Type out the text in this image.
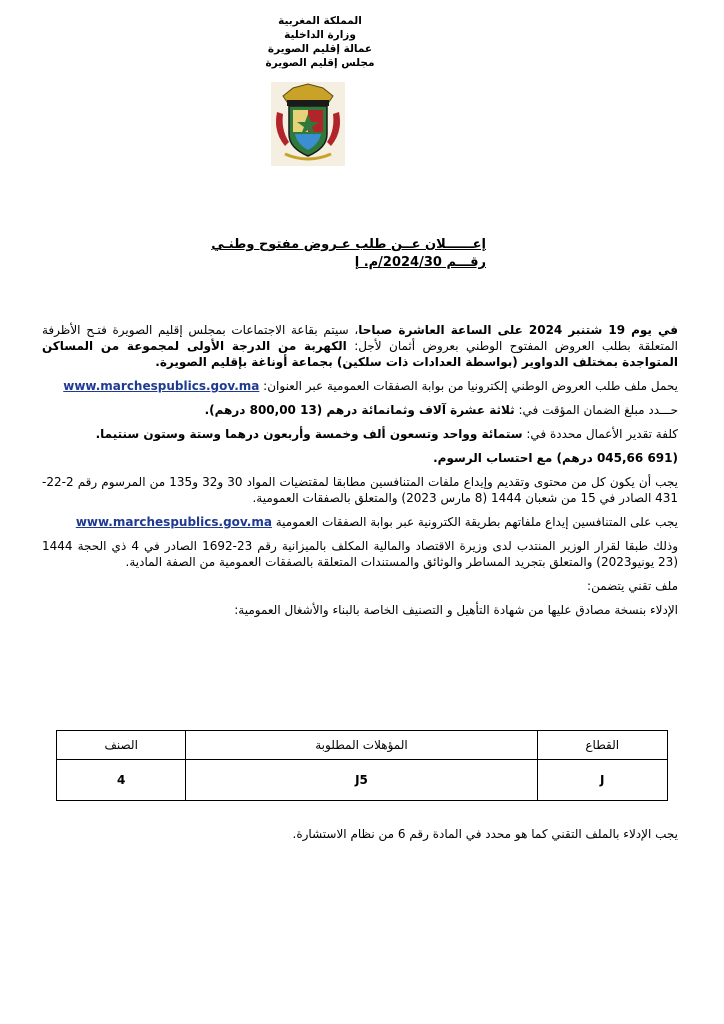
المملكة المغربية
وزارة الداخلية
عمالة إقليم الصويرة
مجلس إقليم الصويرة
إعــــــلان عــن طلب عـروض مفتوح وطنـي
رقـــم 2024/30/م. إ

في يوم 19 شتنبر 2024 على الساعة العاشرة صباحا، سيتم بقاعة الاجتماعات بمجلس إقليم الصويرة فتـح الأظرفة المتعلقة بطلب العروض المفتوح الوطني بعروض أثمان لأجل: الكهربة من الدرجة الأولى لمجموعة من المساكن المتواجدة بمختلف الدواوير (بواسطة العدادات ذات سلكين) بجماعة أوناغة بإقليم الصويرة.

يحمل ملف طلب العروض الوطني إلكترونيا من بوابة الصفقات العمومية عبر العنوان: www.marchespublics.gov.ma

حـــدد مبلغ الضمان المؤقت في: ثلاثة عشرة آلاف وثمانمائة درهم (13 800,00 درهم).

كلفة تقدير الأعمال محددة في: ستمائة وواحد وتسعون ألف وخمسة وأربعون درهما وستة وستون سنتيما.

(691 045,66 درهم) مع احتساب الرسوم.

يجب أن يكون كل من محتوى وتقديم وإيداع ملفات المتنافسين مطابقا لمقتضيات المواد 30 و32 و135 من المرسوم رقم 2-22-431 الصادر في 15 من شعبان 1444 (8 مارس 2023) والمتعلق بالصفقات العمومية.

يجب على المتنافسين إيداع ملفاتهم بطريقة الكترونية عبر بوابة الصفقات العمومية www.marchespublics.gov.ma

وذلك طبقا لقرار الوزير المنتدب لدى وزيرة الاقتصاد والمالية المكلف بالميزانية رقم 23-1692 الصادر في 4 ذي الحجة 1444 (23 يونيو2023) والمتعلق بتجريد المساطر والوثائق والمستندات المتعلقة بالصفقات العمومية من الصفة المادية.

ملف تقني يتضمن:

الإدلاء بنسخة مصادق عليها من شهادة التأهيل و التصنيف الخاصة بالبناء والأشغال العمومية:

القطاع	المؤهلات المطلوبة	الصنف
J	J5	4
يجب الإدلاء بالملف التقني كما هو محدد في المادة رقم 6 من نظام الاستشارة.
